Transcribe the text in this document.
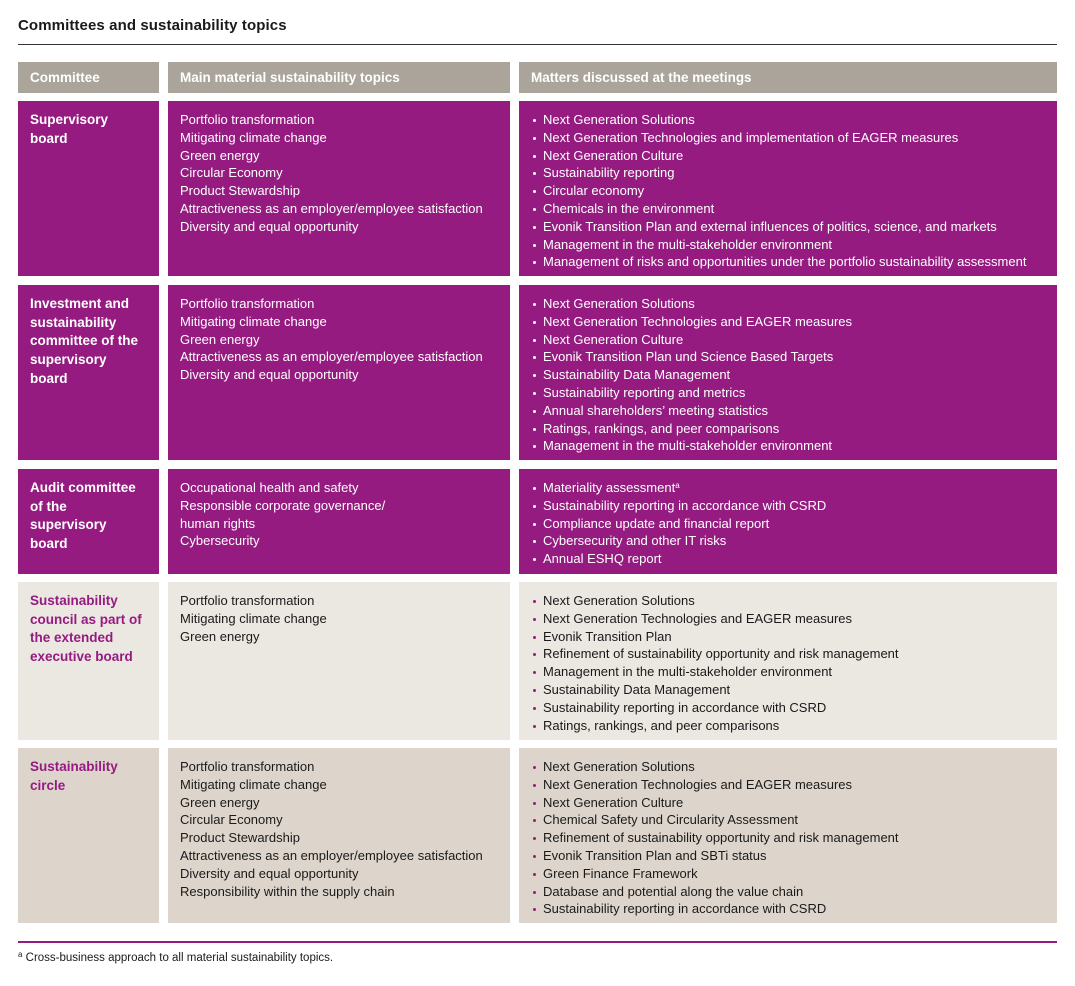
Committees and sustainability topics
Committee	Main material sustainability topics	Matters discussed at the meetings
Supervisory board
Portfolio transformation
Mitigating climate change
Green energy
Circular Economy
Product Stewardship
Attractiveness as an employer/employee satisfaction
Diversity and equal opportunity
Next Generation Solutions
Next Generation Technologies and implementation of EAGER measures
Next Generation Culture
Sustainability reporting
Circular economy
Chemicals in the environment
Evonik Transition Plan and external influences of politics, science, and markets
Management in the multi-stakeholder environment
Management of risks and opportunities under the portfolio sustainability assessment
Investment and sustainability committee of the supervisory board
Portfolio transformation
Mitigating climate change
Green energy
Attractiveness as an employer/employee satisfaction
Diversity and equal opportunity
Next Generation Solutions
Next Generation Technologies and EAGER measures
Next Generation Culture
Evonik Transition Plan und Science Based Targets
Sustainability Data Management
Sustainability reporting and metrics
Annual shareholders’ meeting statistics
Ratings, rankings, and peer comparisons
Management in the multi-stakeholder environment
Audit committee of the supervisory board
Occupational health and safety
Responsible corporate governance/
human rights
Cybersecurity
Materiality assessment$^a$
Sustainability reporting in accordance with CSRD
Compliance update and financial report
Cybersecurity and other IT risks
Annual ESHQ report
Sustainability council as part of the extended executive board
Portfolio transformation
Mitigating climate change
Green energy
Next Generation Solutions
Next Generation Technologies and EAGER measures
Evonik Transition Plan
Refinement of sustainability opportunity and risk management
Management in the multi-stakeholder environment
Sustainability Data Management
Sustainability reporting in accordance with CSRD
Ratings, rankings, and peer comparisons
Sustainability circle
Portfolio transformation
Mitigating climate change
Green energy
Circular Economy
Product Stewardship
Attractiveness as an employer/employee satisfaction
Diversity and equal opportunity
Responsibility within the supply chain
Next Generation Solutions
Next Generation Technologies and EAGER measures
Next Generation Culture
Chemical Safety und Circularity Assessment
Refinement of sustainability opportunity and risk management
Evonik Transition Plan and SBTi status
Green Finance Framework
Database and potential along the value chain
Sustainability reporting in accordance with CSRD
$^a$ Cross-business approach to all material sustainability topics.
